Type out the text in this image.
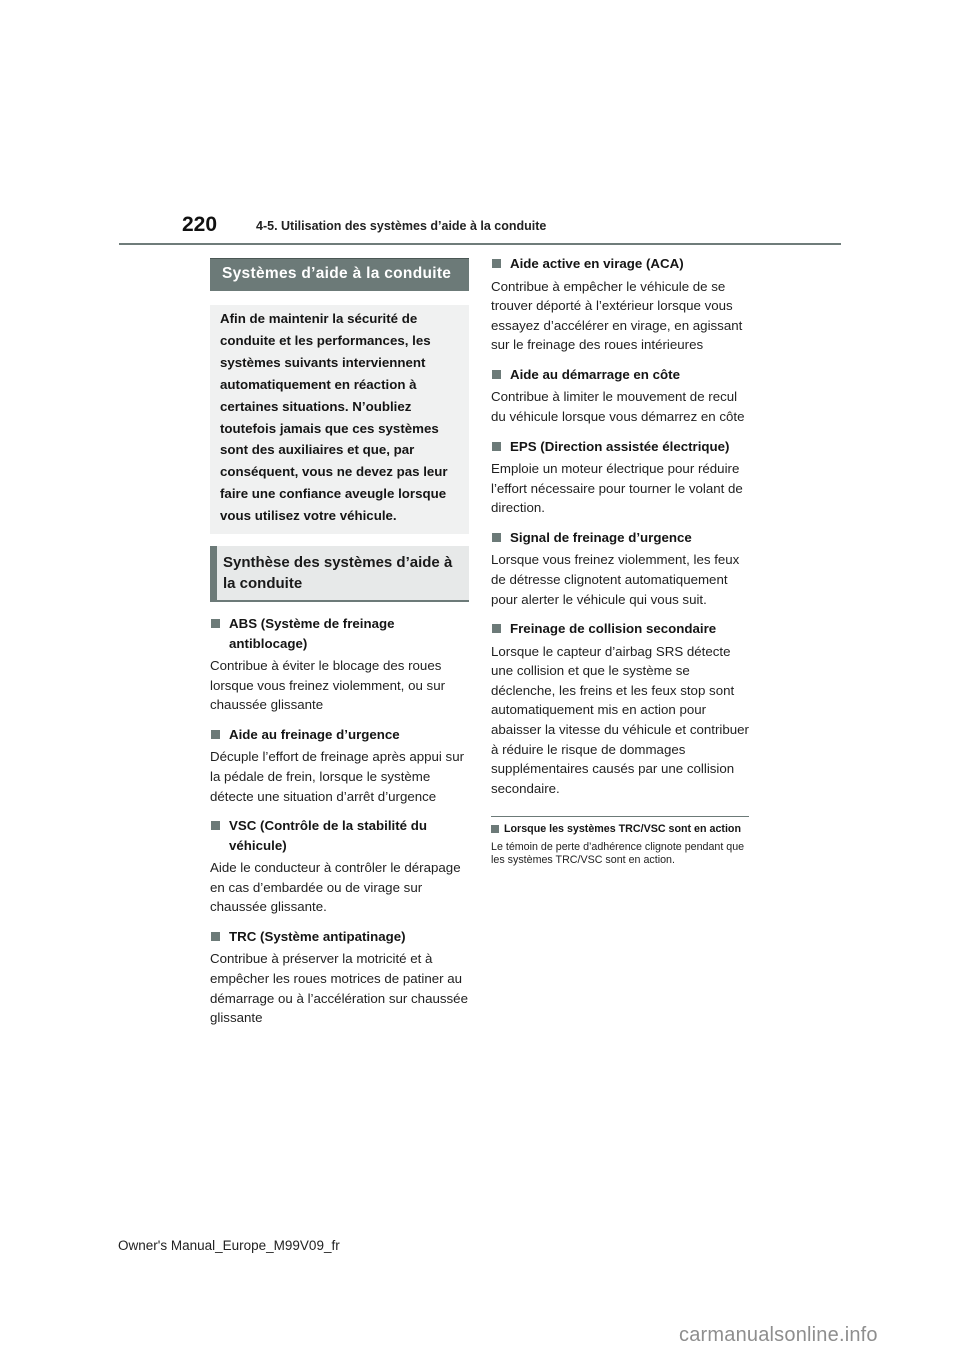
220	4-5. Utilisation des systèmes d’aide à la conduite
Systèmes d’aide à la conduite
Afin de maintenir la sécurité de conduite et les performances, les systèmes suivants interviennent automatiquement en réaction à certaines situations. N’oubliez toutefois jamais que ces systèmes sont des auxiliaires et que, par conséquent, vous ne devez pas leur faire une confiance aveugle lorsque vous utilisez votre véhicule.
Synthèse des systèmes d’aide à la conduite
ABS (Système de freinage antiblocage)
Contribue à éviter le blocage des roues lorsque vous freinez violemment, ou sur chaussée glissante
Aide au freinage d’urgence
Décuple l’effort de freinage après appui sur la pédale de frein, lorsque le système détecte une situation d’arrêt d’urgence
VSC (Contrôle de la stabilité du véhicule)
Aide le conducteur à contrôler le dérapage en cas d’embardée ou de virage sur chaussée glissante.
TRC (Système antipatinage)
Contribue à préserver la motricité et à empêcher les roues motrices de patiner au démarrage ou à l’accélération sur chaussée glissante
Aide active en virage (ACA)
Contribue à empêcher le véhicule de se trouver déporté à l’extérieur lorsque vous essayez d’accélérer en virage, en agissant sur le freinage des roues intérieures
Aide au démarrage en côte
Contribue à limiter le mouvement de recul du véhicule lorsque vous démarrez en côte
EPS (Direction assistée électrique)
Emploie un moteur électrique pour réduire l’effort nécessaire pour tourner le volant de direction.
Signal de freinage d’urgence
Lorsque vous freinez violemment, les feux de détresse clignotent automatiquement pour alerter le véhicule qui vous suit.
Freinage de collision secondaire
Lorsque le capteur d’airbag SRS détecte une collision et que le système se déclenche, les freins et les feux stop sont automatiquement mis en action pour abaisser la vitesse du véhicule et contribuer à réduire le risque de dommages supplémentaires causés par une collision secondaire.
Lorsque les systèmes TRC/VSC sont en action
Le témoin de perte d’adhérence clignote pendant que les systèmes TRC/VSC sont en action.
Owner's Manual_Europe_M99V09_fr
carmanualsonline.info
